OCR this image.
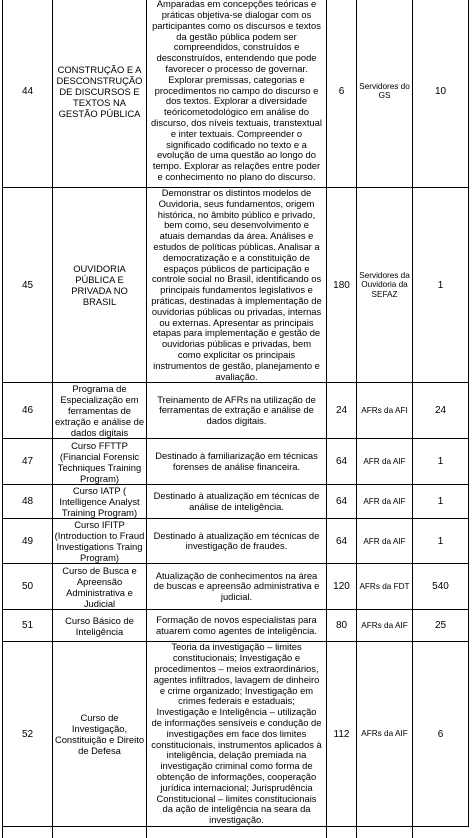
44	CONSTRUÇÃO E A DESCONSTRUÇÃO DE DISCURSOS E TEXTOS NA GESTÃO PÚBLICA	Amparadas em concepções teóricas e práticas objetiva-se dialogar com os participantes como os discursos e textos da gestão pública podem ser compreendidos, construídos e desconstruídos, entendendo que pode favorecer o processo de governar. Explorar premissas, categorias e procedimentos no campo do discurso e dos textos. Explorar a diversidade teóricometodológico em análise do discurso, dos níveis textuais, transtextual e inter textuais. Compreender o significado codificado no texto e a evolução de uma questão ao longo do tempo. Explorar as relações entre poder e conhecimento no plano do discurso.	6	Servidores do GS	10
45	OUVIDORIA PÚBLICA E PRIVADA NO BRASIL	Demonstrar os distintos modelos de Ouvidoria, seus fundamentos, origem histórica, no âmbito público e privado, bem como, seu desenvolvimento e atuais demandas da área. Análises e estudos de políticas públicas. Analisar a democratização e a constituição de espaços públicos de participação e controle social no Brasil, identificando os principais fundamentos legislativos e práticas, destinadas à implementação de ouvidorias públicas ou privadas, internas ou externas. Apresentar as principais etapas para implementação e gestão de ouvidorias públicas e privadas, bem como explicitar os principais instrumentos de gestão, planejamento e avaliação.	180	Servidores da Ouvidoria da SEFAZ	1
46	Programa de Especialização em ferramentas de extração e análise de dados digitais	Treinamento de AFRs na utilização de ferramentas de extração e análise de dados digitais.	24	AFRs da AFI	24
47	Curso FFTTP (Financial Forensic Techniques Training Program)	Destinado à familiarização em técnicas forenses de análise financeira.	64	AFR da AIF	1
48	Curso IATP ( Intelligence Analyst Training Program)	Destinado à atualização em técnicas de análise de inteligência.	64	AFR da AIF	1
49	Curso IFITP (Introduction to Fraud Investigations Traing Program)	Destinado à atualização em técnicas de investigação de fraudes.	64	AFR da AIF	1
50	Curso de Busca e Apreensão Administrativa e Judicial	Atualização de conhecimentos na área de buscas e apreensão administrativa e judicial.	120	AFRs da FDT	540
51	Curso Básico de Inteligência	Formação de novos especialistas para atuarem como agentes de inteligência.	80	AFRs da AIF	25
52	Curso de Investigação, Constituição e Direito de Defesa	Teoria da investigação – limites constitucionais; Investigação e procedimentos – meios extraordinários, agentes infiltrados, lavagem de dinheiro e crime organizado; Investigação em crimes federais e estaduais; Investigação e Inteligência – utilização de informações sensíveis e condução de investigações em face dos limites constitucionais, instrumentos aplicados à inteligência, delação premiada na investigação criminal como forma de obtenção de informações, cooperação jurídica internacional; Jurisprudência Constitucional – limites constitucionais da ação de inteligência na seara da investigação.	112	AFRs da AIF	6
